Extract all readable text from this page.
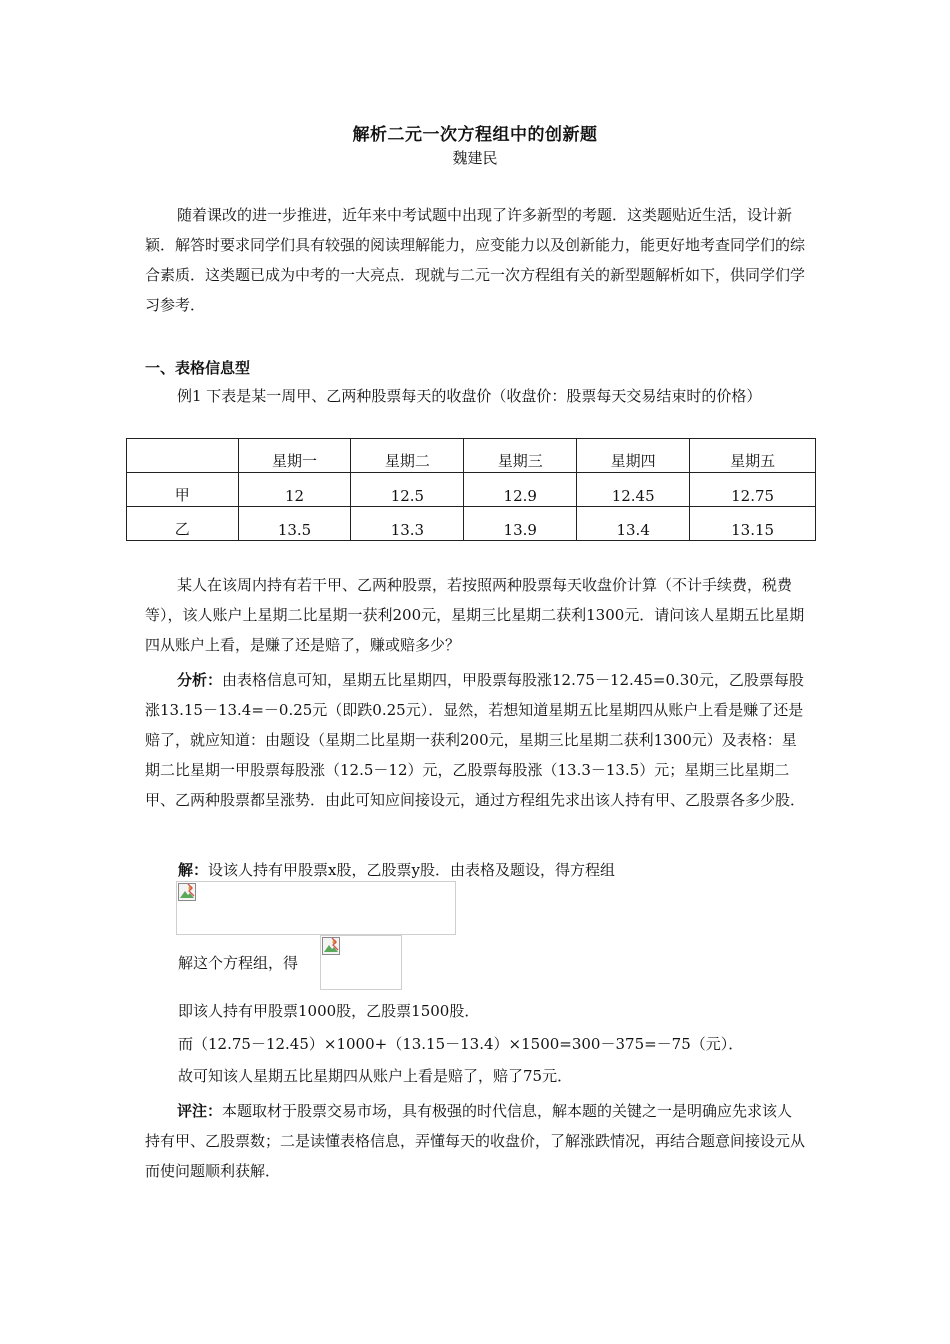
解析二元一次方程组中的创新题
魏建民
随着课改的进一步推进，近年来中考试题中出现了许多新型的考题．这类题贴近生活，设计新颖．解答时要求同学们具有较强的阅读理解能力，应变能力以及创新能力，能更好地考查同学们的综合素质．这类题已成为中考的一大亮点．现就与二元一次方程组有关的新型题解析如下，供同学们学习参考．
一、表格信息型
例1 下表是某一周甲、乙两种股票每天的收盘价（收盘价：股票每天交易结束时的价格）
	星期一	星期二	星期三	星期四	星期五
甲	12	12.5	12.9	12.45	12.75
乙	13.5	13.3	13.9	13.4	13.15
某人在该周内持有若干甲、乙两种股票，若按照两种股票每天收盘价计算（不计手续费，税费等），该人账户上星期二比星期一获利200元，星期三比星期二获利1300元．请问该人星期五比星期四从账户上看，是赚了还是赔了，赚或赔多少？
分析：由表格信息可知，星期五比星期四，甲股票每股涨12.75－12.45=0.30元，乙股票每股涨13.15－13.4=－0.25元（即跌0.25元）．显然，若想知道星期五比星期四从账户上看是赚了还是赔了，就应知道：由题设（星期二比星期一获利200元，星期三比星期二获利1300元）及表格：星期二比星期一甲股票每股涨（12.5－12）元，乙股票每股涨（13.3－13.5）元；星期三比星期二甲、乙两种股票都呈涨势．由此可知应间接设元，通过方程组先求出该人持有甲、乙股票各多少股．
解：设该人持有甲股票x股，乙股票y股．由表格及题设，得方程组
解这个方程组，得
即该人持有甲股票1000股，乙股票1500股．
而（12.75－12.45）×1000+（13.15－13.4）×1500=300－375=－75（元）．
故可知该人星期五比星期四从账户上看是赔了，赔了75元．
评注：本题取材于股票交易市场，具有极强的时代信息，解本题的关键之一是明确应先求该人持有甲、乙股票数；二是读懂表格信息，弄懂每天的收盘价，了解涨跌情况，再结合题意间接设元从而使问题顺利获解．
